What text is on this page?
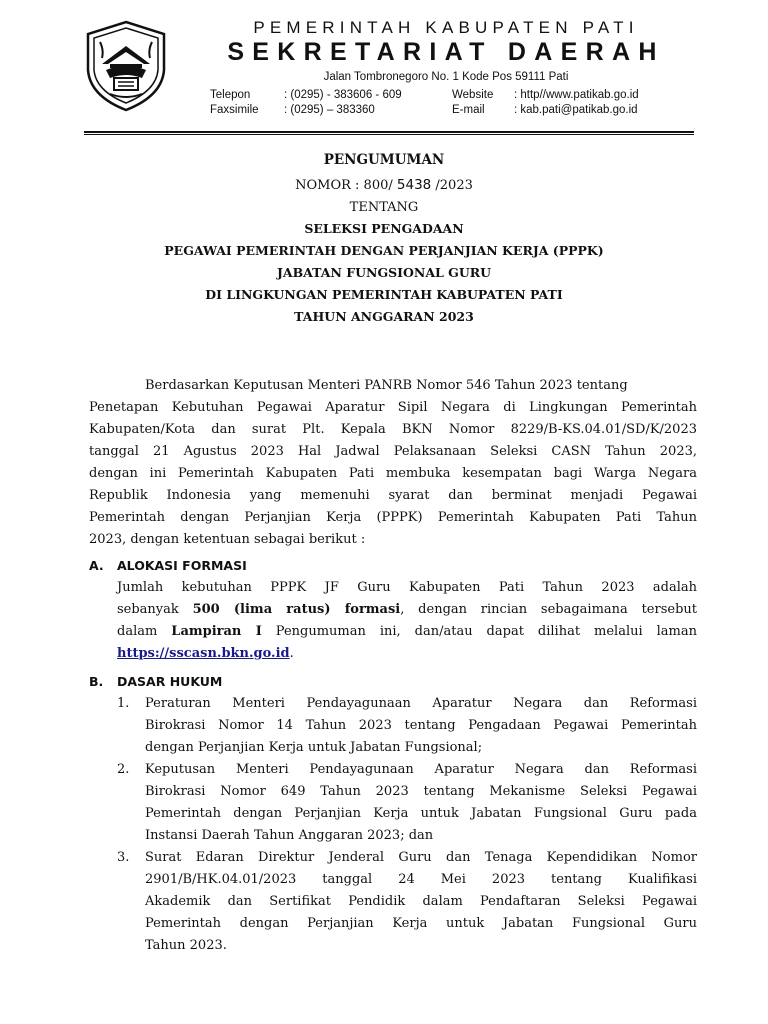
PEMERINTAH KABUPATEN PATI
SEKRETARIAT DAERAH
Jalan Tombronegoro No. 1 Kode Pos 59111 Pati
Telepon	: (0295) - 383606 - 609	Website : http//www.patikab.go.id
Faxsimile : (0295) – 383360	E-mail	: kab.pati@patikab.go.id
PENGUMUMAN
NOMOR : 800/ 5438 /2023
TENTANG
SELEKSI PENGADAAN
PEGAWAI PEMERINTAH DENGAN PERJANJIAN KERJA (PPPK)
JABATAN FUNGSIONAL GURU
DI LINGKUNGAN PEMERINTAH KABUPATEN PATI
TAHUN ANGGARAN 2023
Berdasarkan Keputusan Menteri PANRB Nomor 546 Tahun 2023 tentang
Penetapan Kebutuhan Pegawai Aparatur Sipil Negara di Lingkungan Pemerintah
Kabupaten/Kota dan surat Plt. Kepala BKN Nomor 8229/B-KS.04.01/SD/K/2023
tanggal 21 Agustus 2023 Hal Jadwal Pelaksanaan Seleksi CASN Tahun 2023,
dengan ini Pemerintah Kabupaten Pati membuka kesempatan bagi Warga Negara
Republik Indonesia yang memenuhi syarat dan berminat menjadi Pegawai
Pemerintah dengan Perjanjian Kerja (PPPK) Pemerintah Kabupaten Pati Tahun
2023, dengan ketentuan sebagai berikut :
A. ALOKASI FORMASI
Jumlah kebutuhan PPPK JF Guru Kabupaten Pati Tahun 2023 adalah
sebanyak 500 (lima ratus) formasi, dengan rincian sebagaimana tersebut
dalam Lampiran I Pengumuman ini, dan/atau dapat dilihat melalui laman
https://sscasn.bkn.go.id.
B. DASAR HUKUM
1. Peraturan Menteri Pendayagunaan Aparatur Negara dan Reformasi
Birokrasi Nomor 14 Tahun 2023 tentang Pengadaan Pegawai Pemerintah
dengan Perjanjian Kerja untuk Jabatan Fungsional;
2. Keputusan Menteri Pendayagunaan Aparatur Negara dan Reformasi
Birokrasi Nomor 649 Tahun 2023 tentang Mekanisme Seleksi Pegawai
Pemerintah dengan Perjanjian Kerja untuk Jabatan Fungsional Guru pada
Instansi Daerah Tahun Anggaran 2023; dan
3. Surat Edaran Direktur Jenderal Guru dan Tenaga Kependidikan Nomor
2901/B/HK.04.01/2023 tanggal 24 Mei 2023 tentang Kualifikasi
Akademik dan Sertifikat Pendidik dalam Pendaftaran Seleksi Pegawai
Pemerintah dengan Perjanjian Kerja untuk Jabatan Fungsional Guru
Tahun 2023.
